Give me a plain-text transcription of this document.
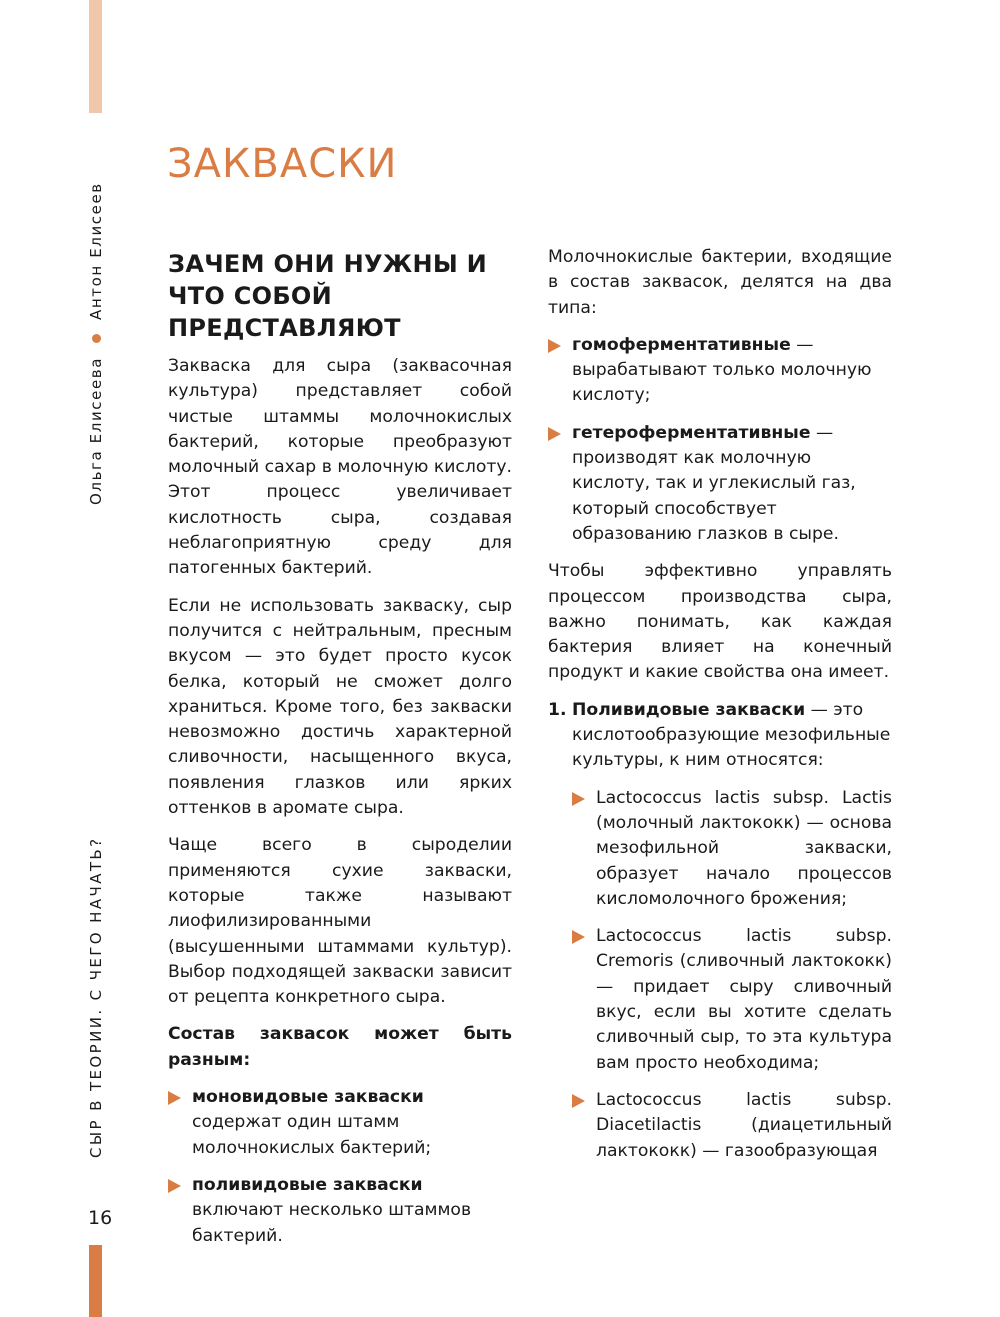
Ольга Елисеева
Антон Елисеев
СЫР В ТЕОРИИ. С ЧЕГО НАЧАТЬ?
16
ЗАКВАСКИ
ЗАЧЕМ ОНИ НУЖНЫ И ЧТО СОБОЙ ПРЕДСТАВЛЯЮТ

Закваска для сыра (заквасочная культура) представляет собой чистые штаммы молочнокислых бактерий, которые преобразуют молочный сахар в молочную кислоту. Этот процесс увеличивает кислотность сыра, создавая неблагоприятную среду для патогенных бактерий.

Если не использовать закваску, сыр получится с нейтральным, пресным вкусом — это будет просто кусок белка, который не сможет долго храниться. Кроме того, без закваски невозможно достичь характерной сливочности, насыщенного вкуса, появления глазков или ярких оттенков в аромате сыра.

Чаще всего в сыроделии применяются сухие закваски, которые также называют лиофилизированными (высушенными штаммами культур). Выбор подходящей закваски зависит от рецепта конкретного сыра.

Состав заквасок может быть разным:

моновидовые закваски содержат один штамм молочнокислых бактерий;
поливидовые закваски включают несколько штаммов бактерий.

Молочнокислые бактерии, входящие в состав заквасок, делятся на два типа:

гомоферментативные — вырабатывают только молочную кислоту;
гетероферментативные — производят как молочную кислоту, так и углекислый газ, который способствует образованию глазков в сыре.

Чтобы эффективно управлять процессом производства сыра, важно понимать, как каждая бактерия влияет на конечный продукт и какие свойства она имеет.

1. Поливидовые закваски — это кислотообразующие мезофильные культуры, к ним относятся:
Lactococcus lactis subsp. Lactis (молочный лактококк) — основа мезофильной закваски, образует начало процессов кисломолочного брожения;
Lactococcus lactis subsp. Cremoris (сливочный лактококк) — придает сыру сливочный вкус, если вы хотите сделать сливочный сыр, то эта культура вам просто необходима;
Lactococcus lactis subsp. Diacetilactis (диацетильный лактококк) — газообразующая
